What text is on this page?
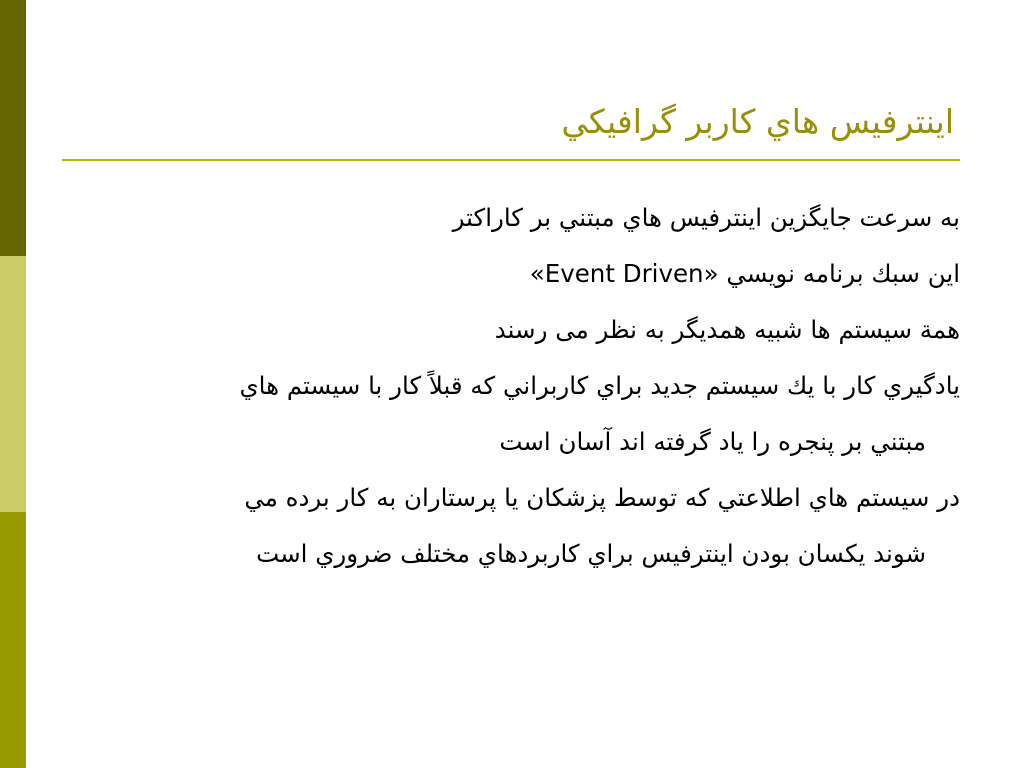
اينترفيس هاي كاربر گرافيكي
به سرعت جايگزين اينترفيس هاي مبتني بر كاراكتر
اين سبك برنامه نويسي «Event Driven»
همة سيستم ها شبيه همديگر به نظر مى رسند
يادگيري كار با يك سيستم جديد براي كاربراني كه قبلاً كار با سيستم هاي
مبتني بر پنجره را ياد گرفته اند آسان است
در سيستم هاي اطلاعتي كه توسط پزشكان يا پرستاران به كار برده مي
شوند يكسان بودن اينترفيس براي كاربردهاي مختلف ضروري است
